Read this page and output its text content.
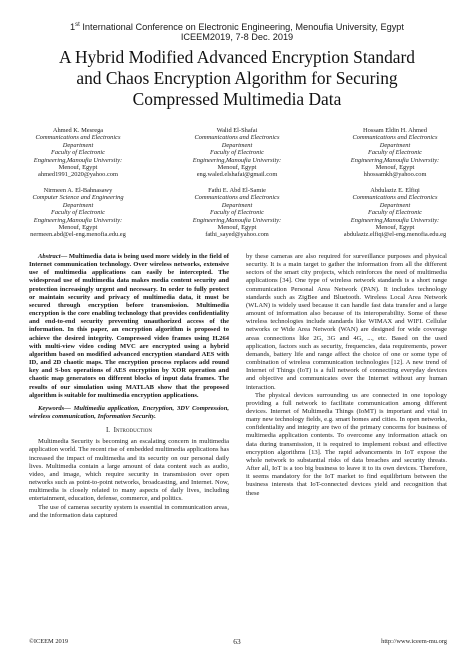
1st International Conference on Electronic Engineering, Menoufia University, Egypt
ICEEM2019, 7-8 Dec. 2019
A Hybrid Modified Advanced Encryption Standard
and Chaos Encryption Algorithm for Securing
Compressed Multimedia Data
Ahmed K. Mesrega
Communications and Electronics
Department
Faculty of Electronic
Engineering,Manoufia University:
Menouf, Egypt
ahmed1991_2020@yahoo.com
Nirmeen A. El-Bahnasawy
Computer Science and Engineering
Department
Faculty of Electronic
Engineering,Manoufia University:
Menouf, Egypt
nermeen.abd@el-eng.menofia.edu.eg
Walid El-Shafai
Communications and Electronics
Department
Faculty of Electronic
Engineering,Manoufia University:
Menouf, Egypt
eng.waled.elshafai@gmail.com
Fathi E. Abd El-Samie
Communications and Electronics
Department
Faculty of Electronic
Engineering,Manoufia University:
Menouf, Egypt
fathi_sayed@yahoo.com
Hossam Eldin H. Ahmed
Communications and Electronics
Department
Faculty of Electronic
Engineering,Manoufia University:
Menouf, Egypt
hhossamkh@yahoo.com
Abdulaziz E. Elfiqi
Communications and Electronics
Department
Faculty of Electronic
Engineering,Manoufia University:
Menouf, Egypt
abdulaziz.elfiqi@el-eng.menofia.edu.eg

Abstract— Multimedia data is being used more widely in the field of Internet communication technology. Over wireless networks, extensive use of multimedia applications can easily be intercepted. The widespread use of multimedia data makes media content security and protection increasingly urgent and necessary. In order to fully protect or maintain security and privacy of multimedia data, it must be secured through encryption before transmission. Multimedia encryption is the core enabling technology that provides confidentiality and end-to-end security preventing unauthorized access of the information. In this paper, an encryption algorithm is proposed to achieve the desired integrity. Compressed video frames using H.264 with multi-view video coding MVC are encrypted using a hybrid algorithm based on modified advanced encryption standard AES with ID, and 2D chaotic maps. The encryption process replaces add round key and S-box operations of AES encryption by XOR operation and chaotic map generators on different blocks of input data frames. The results of our simulation using MATLAB show that the proposed algorithm is suitable for multimedia encryption applications.

Keywords— Multimedia application, Encryption, 3DV Compression, wireless communication, Information Security.

I. Introduction

Multimedia Security is becoming an escalating concern in multimedia application world. The recent rise of embedded multimedia applications has increased the impact of multimedia and its security on our personal daily lives. Multimedia contain a large amount of data content such as audio, video, and image, which require security in transmission over open networks such as point-to-point networks, broadcasting, and Internet. Now, multimedia is closely related to many aspects of daily lives, including entertainment, education, defense, commerce, and politics.

The use of cameras security system is essential in communication areas, and the information data captured

by these cameras are also required for surveillance purposes and physical security. It is a main target to gather the information from all the different sectors of the smart city projects, which reinforces the need of multimedia applications [34]. One type of wireless network standards is a short range communication Personal Area Network (PAN). It includes technology standards such as ZigBee and Bluetooth. Wireless Local Area Network (WLAN) is widely used because it can handle fast data transfer and a large amount of information also because of its interoperability. Some of these wireless technologies include standards like WIMAX and WIFI. Cellular networks or Wide Area Network (WAN) are designed for wide coverage areas connections like 2G, 3G and 4G, ..., etc. Based on the used application, factors such as security, frequencies, data requirements, power demands, battery life and range affect the choice of one or some type of combination of wireless communication technologies [12]. A new trend of Internet of Things (IoT) is a full network of connecting everyday devices and objective and communicates over the Internet without any human interaction.

The physical devices surrounding us are connected in one topology providing a full network to facilitate communication among different devices. Internet of Multimedia Things (IoMT) is important and vital in many new technology fields, e.g. smart homes and cities. In open networks, confidentiality and integrity are two of the primary concerns for business of multimedia application contents. To overcome any information attack on data during transmission, it is required to implement robust and effective encryption algorithms [13]. The rapid advancements in IoT expose the whole network to substantial risks of data breaches and security threats. After all, IoT is a too big business to leave it to its own devices. Therefore, it seems mandatory for the IoT market to find equilibrium between the business interests that IoT-connected devices yield and recognition that these

©ICEEM 2019	63	http://www.iceem-mu.org
